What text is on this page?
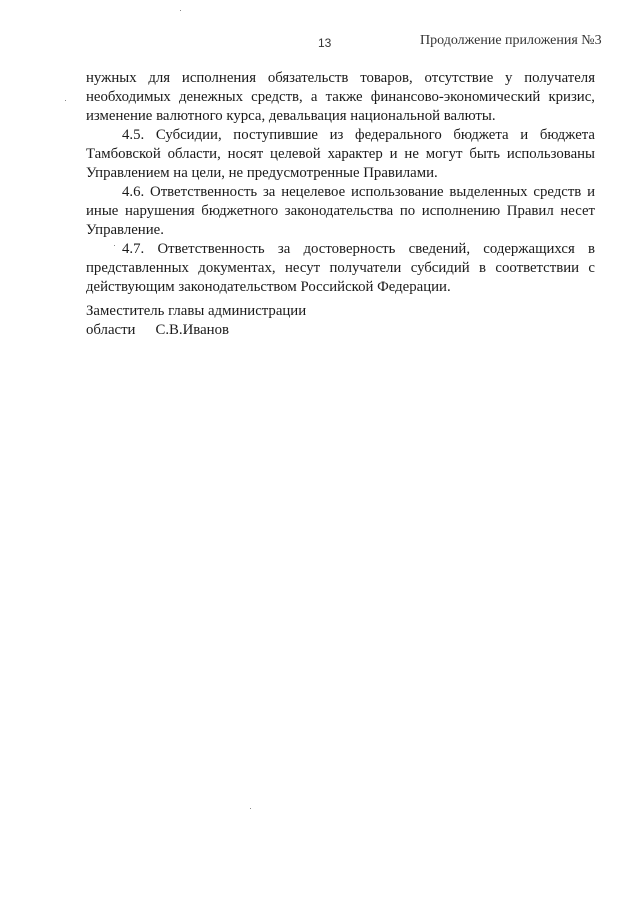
13	Продолжение приложения №3

нужных для исполнения обязательств товаров, отсутствие у получателя необходимых денежных средств, а также финансово-экономический кризис, изменение валютного курса, девальвация национальной валюты.

4.5. Субсидии, поступившие из федерального бюджета и бюджета Тамбовской области, носят целевой характер и не могут быть использованы Управлением на цели, не предусмотренные Правилами.

4.6. Ответственность за нецелевое использование выделенных средств и иные нарушения бюджетного законодательства по исполнению Правил несет Управление.

4.7. Ответственность за достоверность сведений, содержащихся в представленных документах, несут получатели субсидий в соответствии с действующим законодательством Российской Федерации.

Заместитель главы администрации
области С.В.Иванов
